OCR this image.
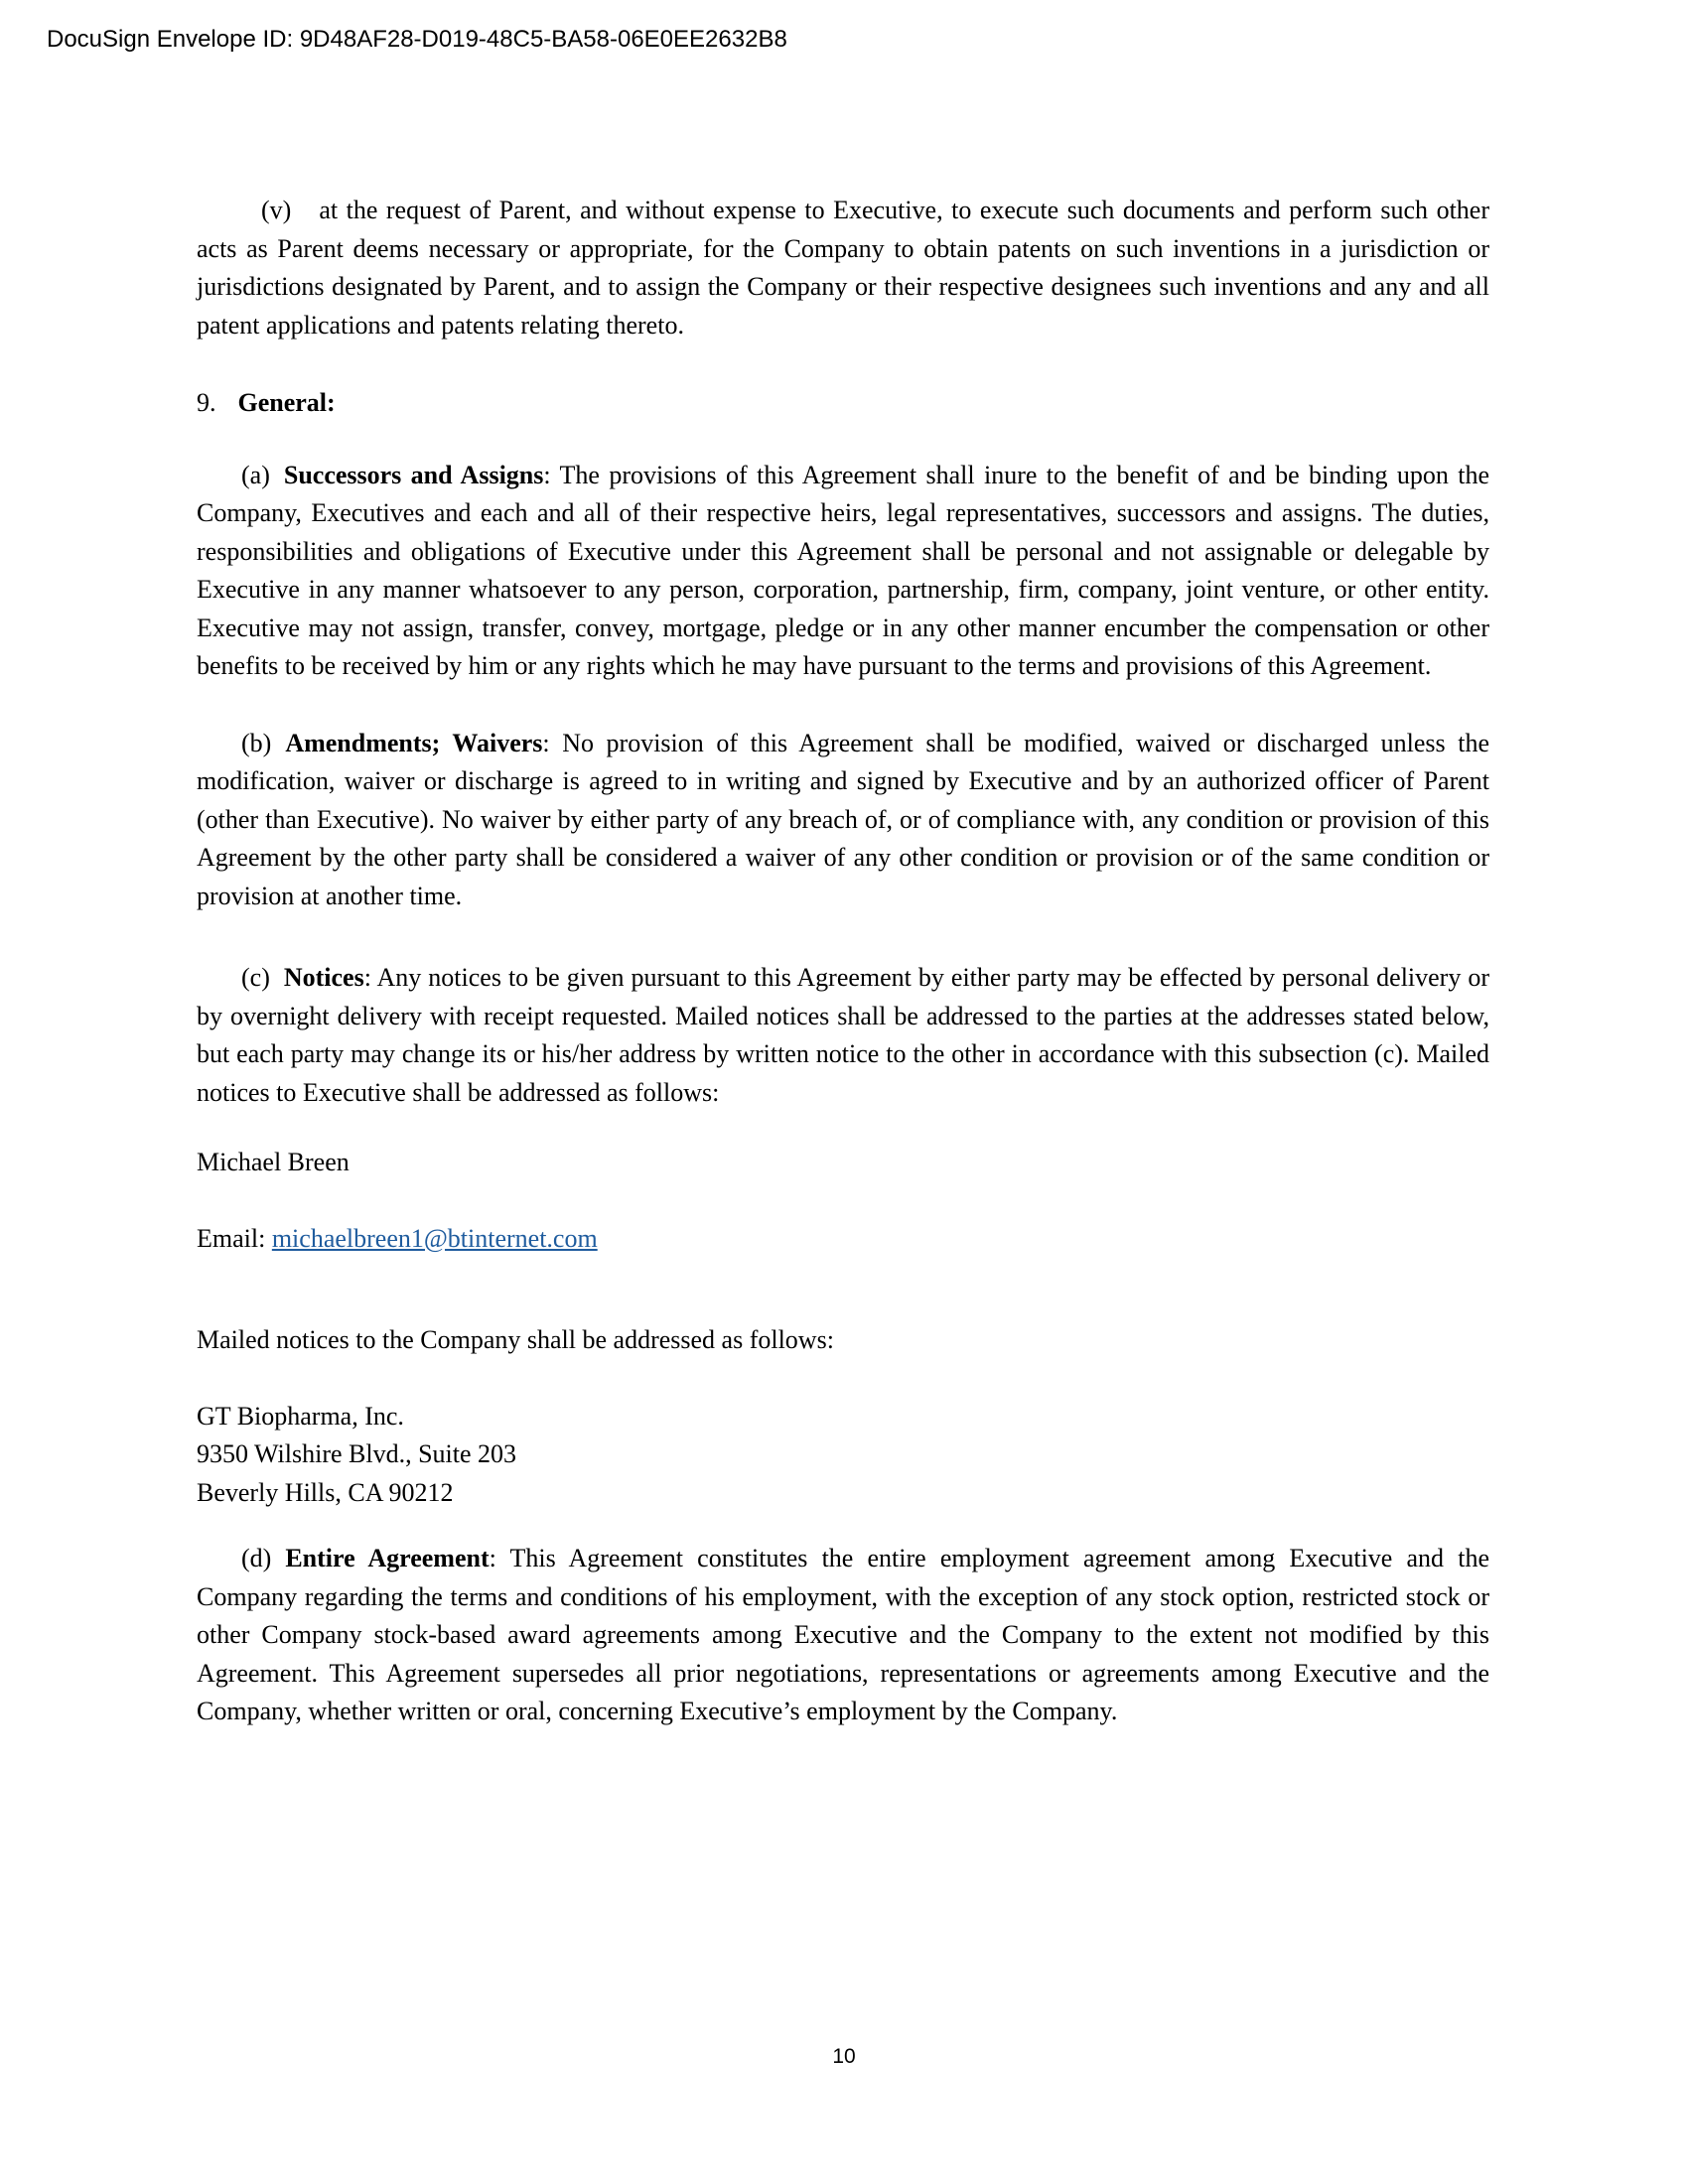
DocuSign Envelope ID: 9D48AF28-D019-48C5-BA58-06E0EE2632B8

(v) at the request of Parent, and without expense to Executive, to execute such documents and perform such other acts as Parent deems necessary or appropriate, for the Company to obtain patents on such inventions in a jurisdiction or jurisdictions designated by Parent, and to assign the Company or their respective designees such inventions and any and all patent applications and patents relating thereto.

9. General:

(a) Successors and Assigns: The provisions of this Agreement shall inure to the benefit of and be binding upon the Company, Executives and each and all of their respective heirs, legal representatives, successors and assigns. The duties, responsibilities and obligations of Executive under this Agreement shall be personal and not assignable or delegable by Executive in any manner whatsoever to any person, corporation, partnership, firm, company, joint venture, or other entity. Executive may not assign, transfer, convey, mortgage, pledge or in any other manner encumber the compensation or other benefits to be received by him or any rights which he may have pursuant to the terms and provisions of this Agreement.

(b) Amendments; Waivers: No provision of this Agreement shall be modified, waived or discharged unless the modification, waiver or discharge is agreed to in writing and signed by Executive and by an authorized officer of Parent (other than Executive). No waiver by either party of any breach of, or of compliance with, any condition or provision of this Agreement by the other party shall be considered a waiver of any other condition or provision or of the same condition or provision at another time.

(c) Notices: Any notices to be given pursuant to this Agreement by either party may be effected by personal delivery or by overnight delivery with receipt requested. Mailed notices shall be addressed to the parties at the addresses stated below, but each party may change its or his/her address by written notice to the other in accordance with this subsection (c). Mailed notices to Executive shall be addressed as follows:

Michael Breen

Email: michaelbreen1@btinternet.com

Mailed notices to the Company shall be addressed as follows:

GT Biopharma, Inc.

9350 Wilshire Blvd., Suite 203

Beverly Hills, CA 90212

(d) Entire Agreement: This Agreement constitutes the entire employment agreement among Executive and the Company regarding the terms and conditions of his employment, with the exception of any stock option, restricted stock or other Company stock-based award agreements among Executive and the Company to the extent not modified by this Agreement. This Agreement supersedes all prior negotiations, representations or agreements among Executive and the Company, whether written or oral, concerning Executive’s employment by the Company.

10
